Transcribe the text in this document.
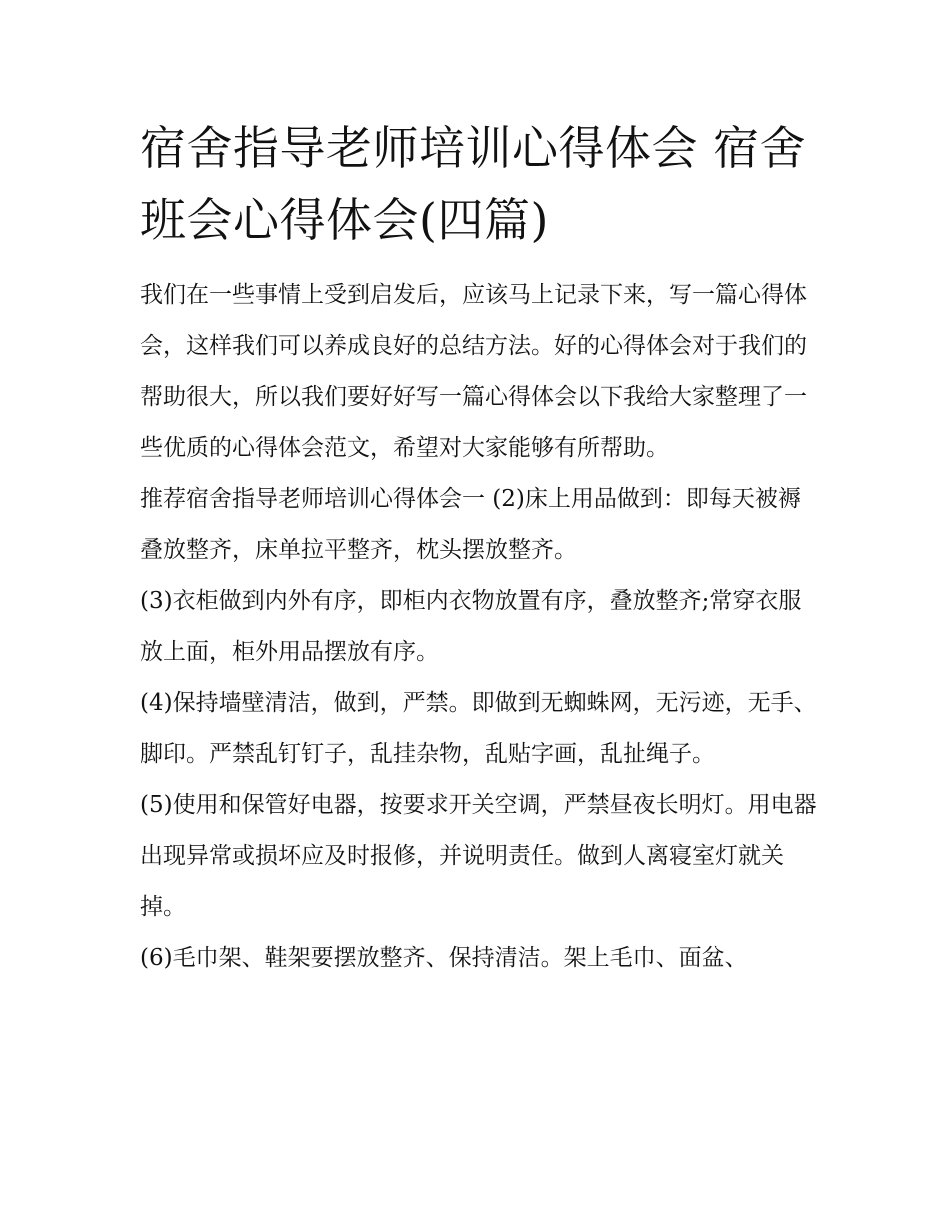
宿舍指导老师培训心得体会 宿舍班会心得体会(四篇)

我们在一些事情上受到启发后，应该马上记录下来，写一篇心得体会，这样我们可以养成良好的总结方法。好的心得体会对于我们的帮助很大，所以我们要好好写一篇心得体会以下我给大家整理了一些优质的心得体会范文，希望对大家能够有所帮助。

推荐宿舍指导老师培训心得体会一 (2)床上用品做到：即每天被褥叠放整齐，床单拉平整齐，枕头摆放整齐。

(3)衣柜做到内外有序，即柜内衣物放置有序，叠放整齐;常穿衣服放上面，柜外用品摆放有序。

(4)保持墙壁清洁，做到，严禁。即做到无蜘蛛网，无污迹，无手、脚印。严禁乱钉钉子，乱挂杂物，乱贴字画，乱扯绳子。

(5)使用和保管好电器，按要求开关空调，严禁昼夜长明灯。用电器出现异常或损坏应及时报修，并说明责任。做到人离寝室灯就关掉。

(6)毛巾架、鞋架要摆放整齐、保持清洁。架上毛巾、面盆、
